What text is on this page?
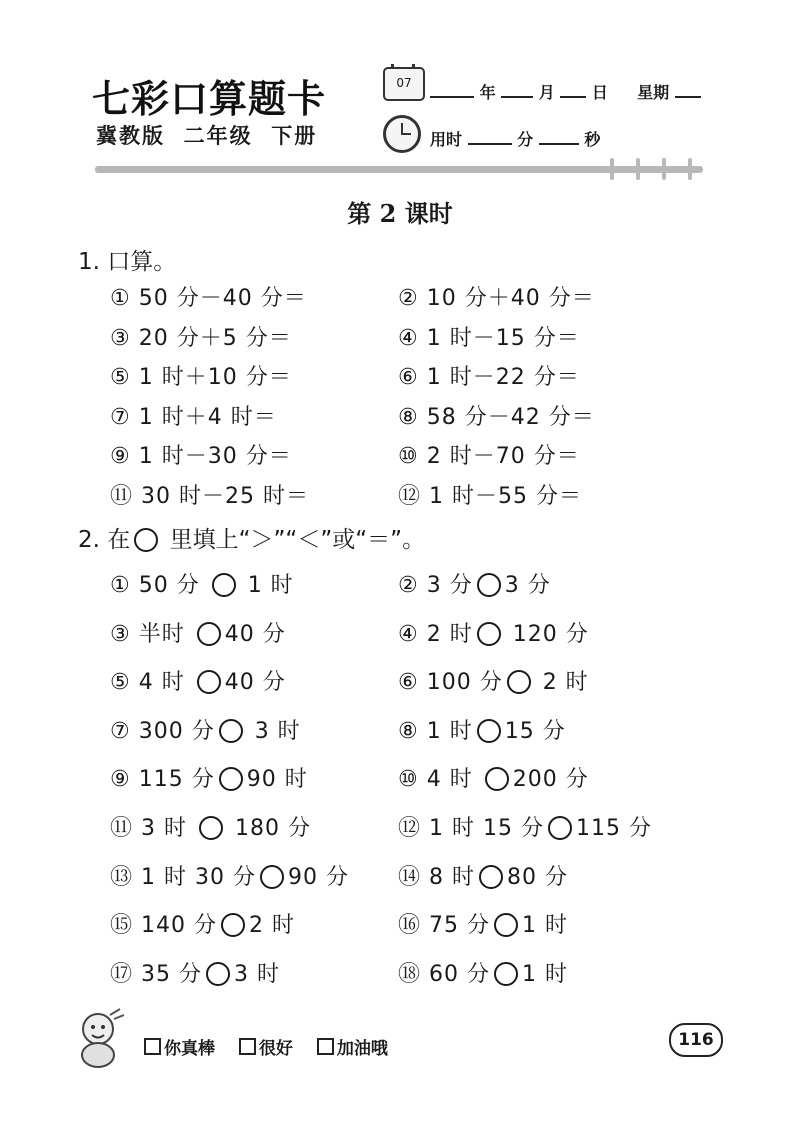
七彩口算题卡
冀教版  二年级  下册
07	年	月 日 星期
用时	分	秒
第 2 课时
1. 口算。
① 50 分－40 分＝	② 10 分＋40 分＝
③ 20 分＋5 分＝	④ 1 时－15 分＝
⑤ 1 时＋10 分＝	⑥ 1 时－22 分＝
⑦ 1 时＋4 时＝	⑧ 58 分－42 分＝
⑨ 1 时－30 分＝	⑩ 2 时－70 分＝
⑪ 30 时－25 时＝	⑫ 1 时－55 分＝
2. 在 里填上“＞”“＜”或“＝”。
① 50 分  1 时	② 3 分 3 分
③ 半时 40 分	④ 2 时 120 分
⑤ 4 时 40 分	⑥ 100 分 2 时
⑦ 300 分 3 时	⑧ 1 时 15 分
⑨ 115 分 90 时	⑩ 4 时 200 分
⑪ 3 时  180 分	⑫ 1 时 15 分 115 分
⑬ 1 时 30 分 90 分 ⑭ 8 时 80 分
⑮ 140 分 2 时	⑯ 75 分 1 时
⑰ 35 分 3 时	⑱ 60 分 1 时
你真棒	很好	加油哦	116
